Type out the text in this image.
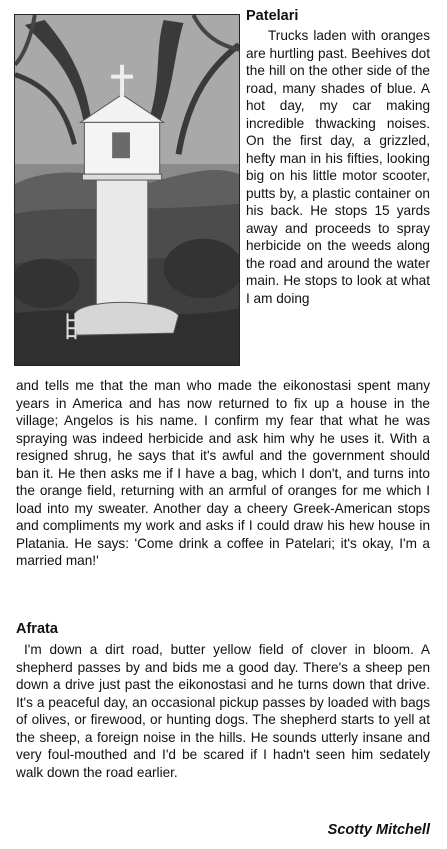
Patelari

Trucks laden with oranges are hurtling past. Beehives dot the hill on the other side of the road, many shades of blue. A hot day, my car making incredible thwacking noises. On the first day, a grizzled, hefty man in his fifties, looking big on his little motor scooter, putts by, a plastic container on his back. He stops 15 yards away and proceeds to spray herbicide on the weeds along the road and around the water main. He stops to look at what I am doing

and tells me that the man who made the eikonostasi spent many years in America and has now returned to fix up a house in the village; Angelos is his name. I confirm my fear that what he was spraying was indeed herbicide and ask him why he uses it. With a resigned shrug, he says that it's awful and the government should ban it. He then asks me if I have a bag, which I don't, and turns into the orange field, returning with an armful of oranges for me which I load into my sweater. Another day a cheery Greek-American stops and compliments my work and asks if I could draw his hew house in Platania. He says: 'Come drink a coffee in Patelari; it's okay, I'm a married man!'

Afrata

I'm down a dirt road, butter yellow field of clover in bloom. A shepherd passes by and bids me a good day. There's a sheep pen down a drive just past the eikonostasi and he turns down that drive. It's a peaceful day, an occasional pickup passes by loaded with bags of olives, or firewood, or hunting dogs. The shepherd starts to yell at the sheep, a foreign noise in the hills. He sounds utterly insane and very foul-mouthed and I'd be scared if I hadn't seen him sedately walk down the road earlier.

Scotty Mitchell
